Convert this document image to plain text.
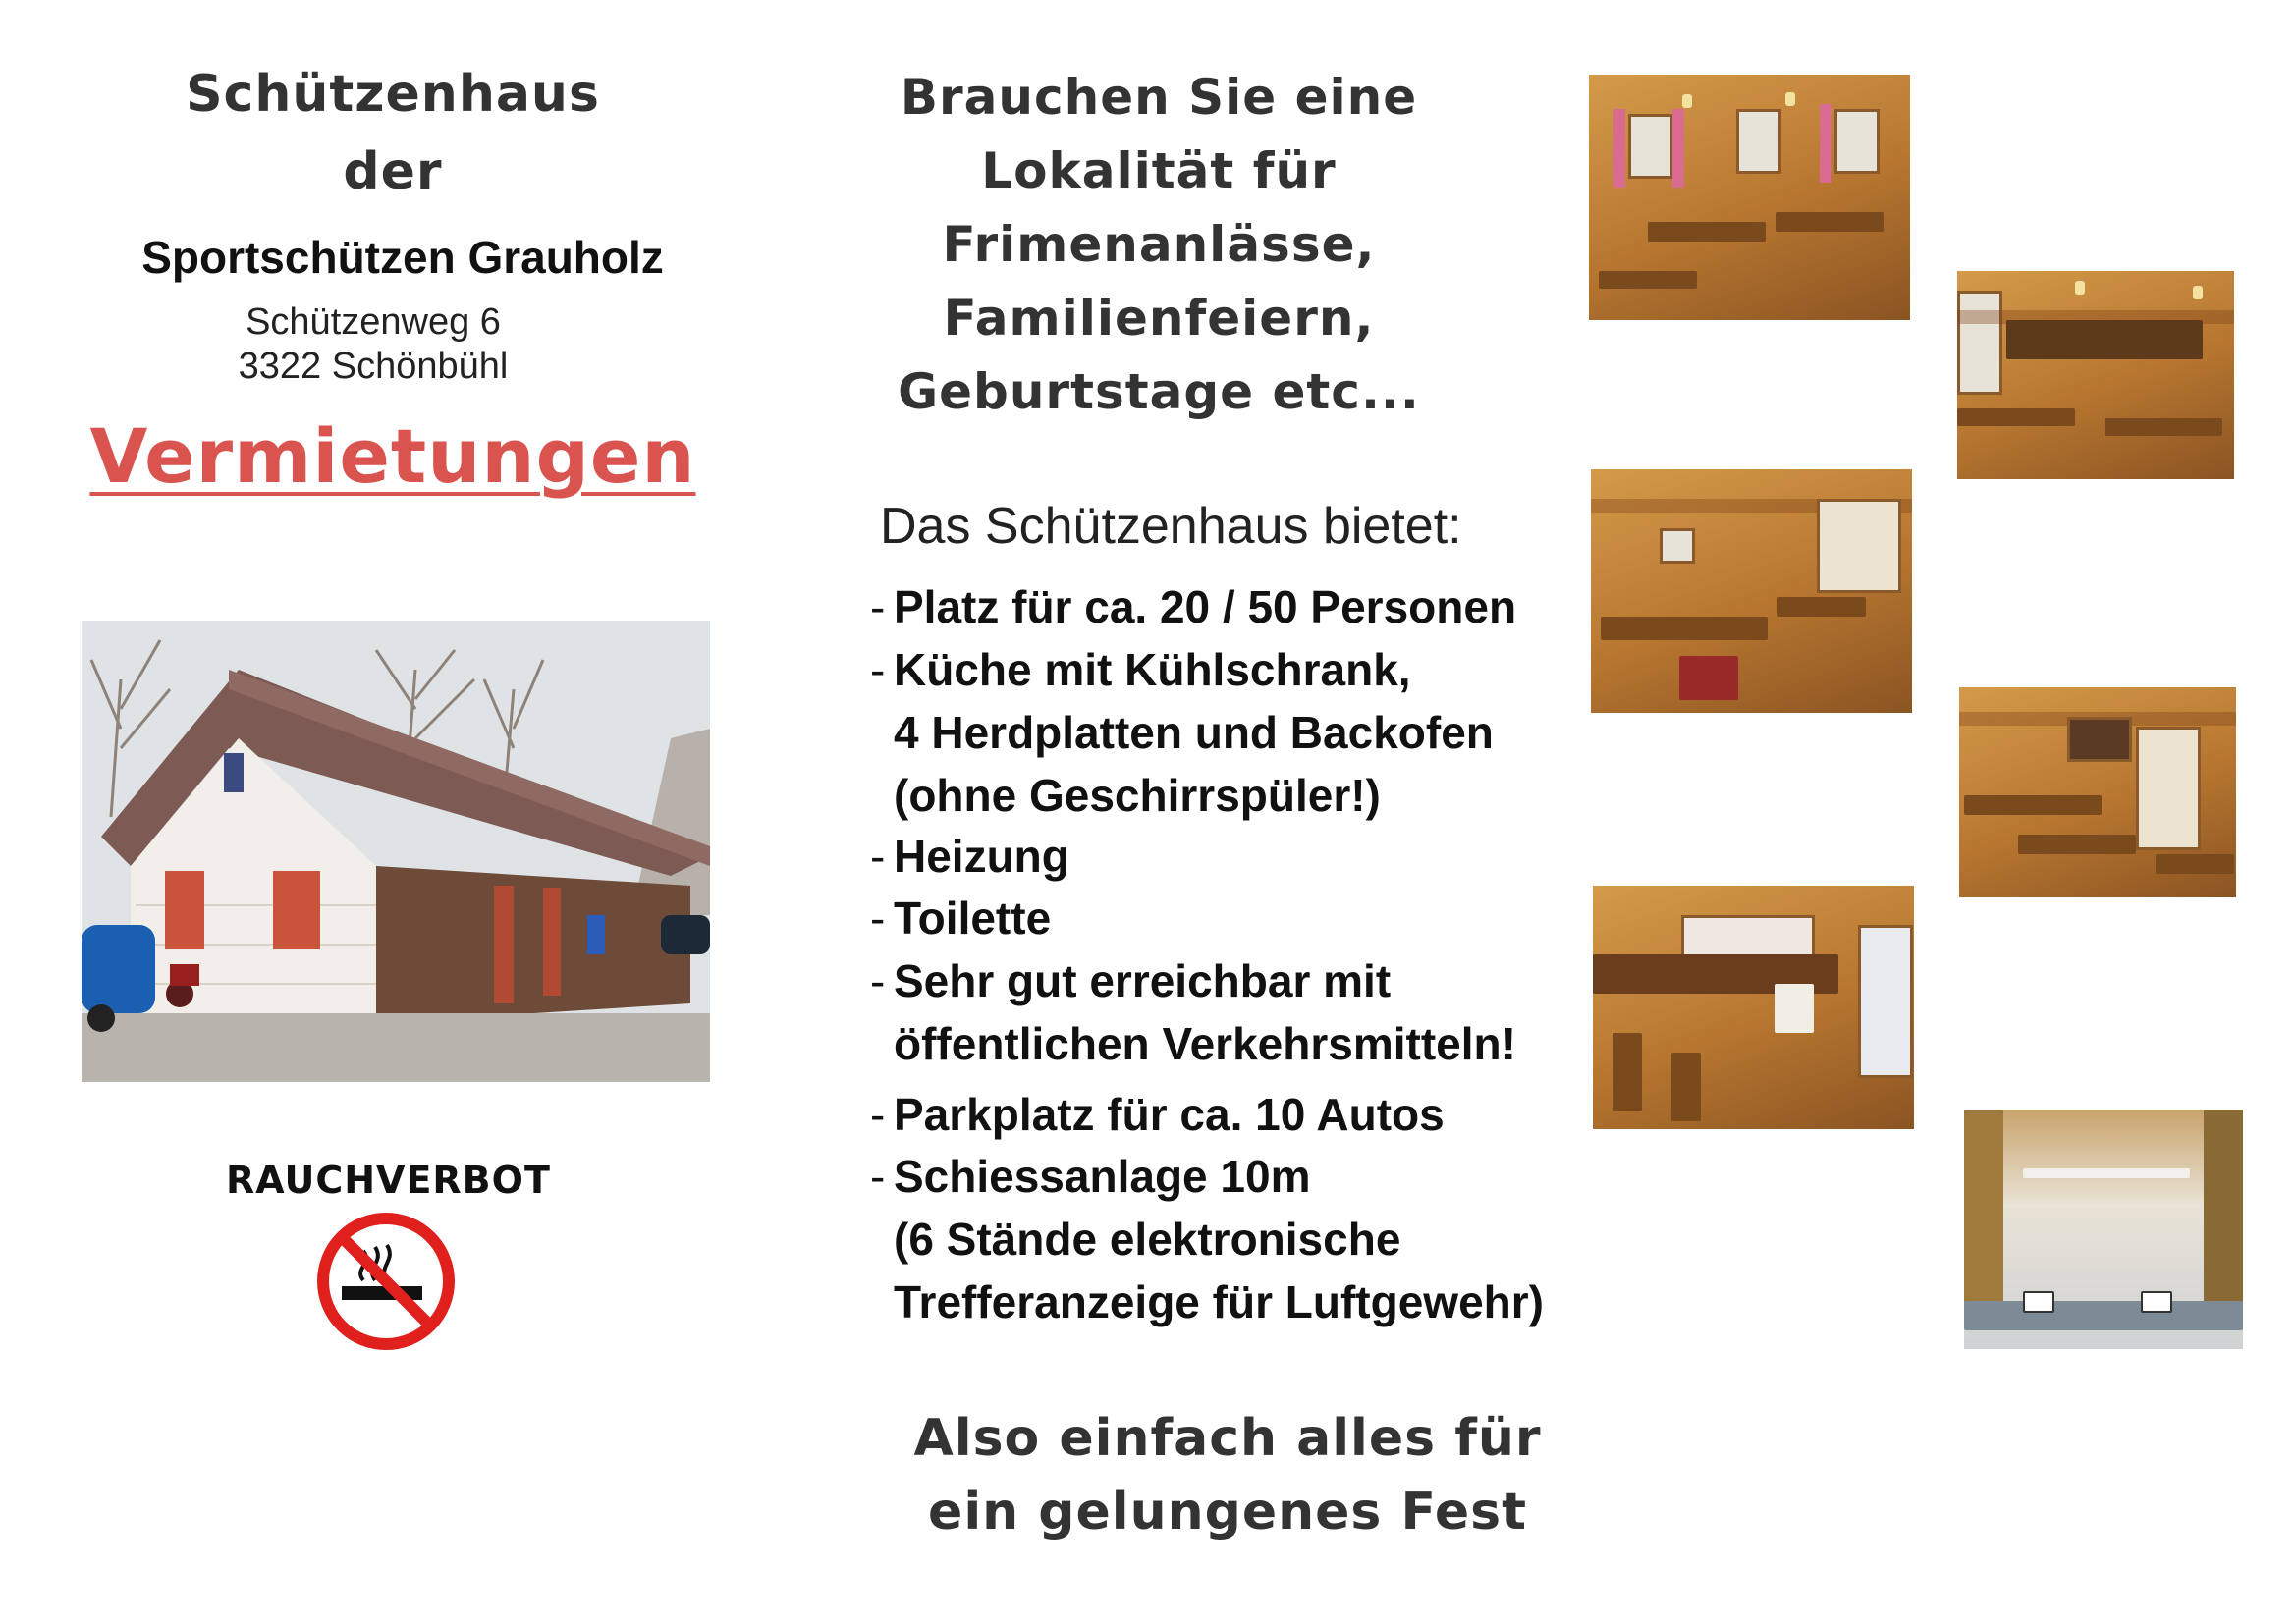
Schützenhaus
der
Sportschützen Grauholz
Schützenweg 6
3322 Schönbühl
Vermietungen
RAUCHVERBOT
Brauchen Sie eine
Lokalität für
Frimenanlässe,
Familienfeiern,
Geburtstage etc...
Das Schützenhaus bietet:
- Platz für ca. 20 / 50 Personen
- Küche mit Kühlschrank,
4 Herdplatten und Backofen
(ohne Geschirrspüler!)
- Heizung
- Toilette
- Sehr gut erreichbar mit
öffentlichen Verkehrsmitteln!
- Parkplatz für ca. 10 Autos
- Schiessanlage 10m
(6 Stände elektronische
Trefferanzeige für Luftgewehr)
Also einfach alles für
ein gelungenes Fest
